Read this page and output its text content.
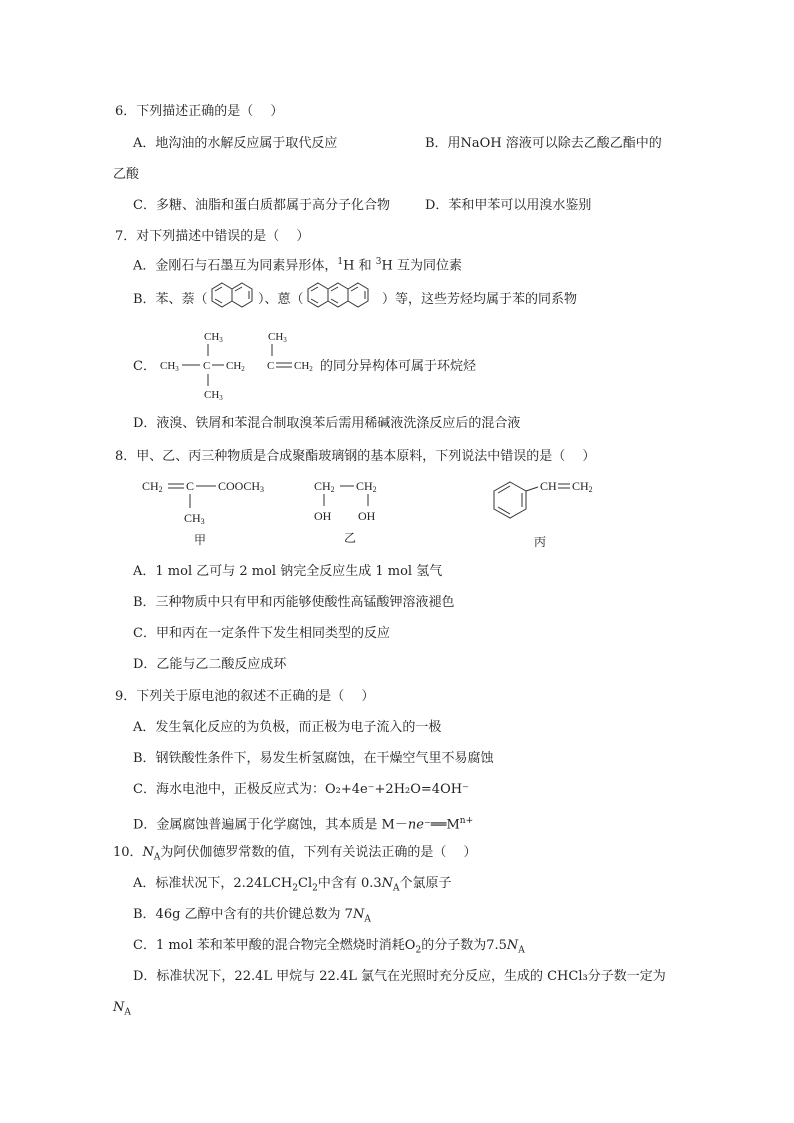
6．下列描述正确的是（　 ）
A．地沟油的水解反应属于取代反应	B．用NaOH 溶液可以除去乙酸乙酯中的
乙酸
C．多糖、油脂和蛋白质都属于高分子化合物	D．苯和甲苯可以用溴水鉴别
7．对下列描述中错误的是（　 ）
A．金刚石与石墨互为同素异形体，$^1$H 和 $^3$H 互为同位素
B．苯、萘（	）、蒽（	）等，这些芳烃均属于苯的同系物
C．
CH3
CH3 C CH2
CH3
CH3
C CH2 的同分异构体可属于环烷烃
D．液溴、铁屑和苯混合制取溴苯后需用稀碱液洗涤反应后的混合液
8．甲、乙、丙三种物质是合成聚酯玻璃钢的基本原料，下列说法中错误的是（　 ）
CH2 C COOCH3
CH3
甲
CH2 CH2
OH OH
乙
CH CH2
丙
A．1 mol 乙可与 2 mol 钠完全反应生成 1 mol 氢气
B．三种物质中只有甲和丙能够使酸性高锰酸钾溶液褪色
C．甲和丙在一定条件下发生相同类型的反应
D．乙能与乙二酸反应成环
9．下列关于原电池的叙述不正确的是（　 ）
A．发生氧化反应的为负极，而正极为电子流入的一极
B．钢铁酸性条件下，易发生析氢腐蚀，在干燥空气里不易腐蚀
C．海水电池中，正极反应式为：O₂+4e⁻+2H₂O=4OH⁻
D．金属腐蚀普遍属于化学腐蚀，其本质是 $M-ne^-══M^{n+}$
10．$N_A$为阿伏伽德罗常数的值，下列有关说法正确的是（　 ）
A．标准状况下，$2.24LCH_2Cl_2$中含有 $0.3N_A$个氯原子
B．46g 乙醇中含有的共价键总数为 $7N_A$
C．1 mol 苯和苯甲酸的混合物完全燃烧时消耗$O_2$的分子数为$7.5N_A$
D．标准状况下，22.4L 甲烷与 22.4L 氯气在光照时充分反应，生成的 CHCl₃分子数一定为
$N_A$
